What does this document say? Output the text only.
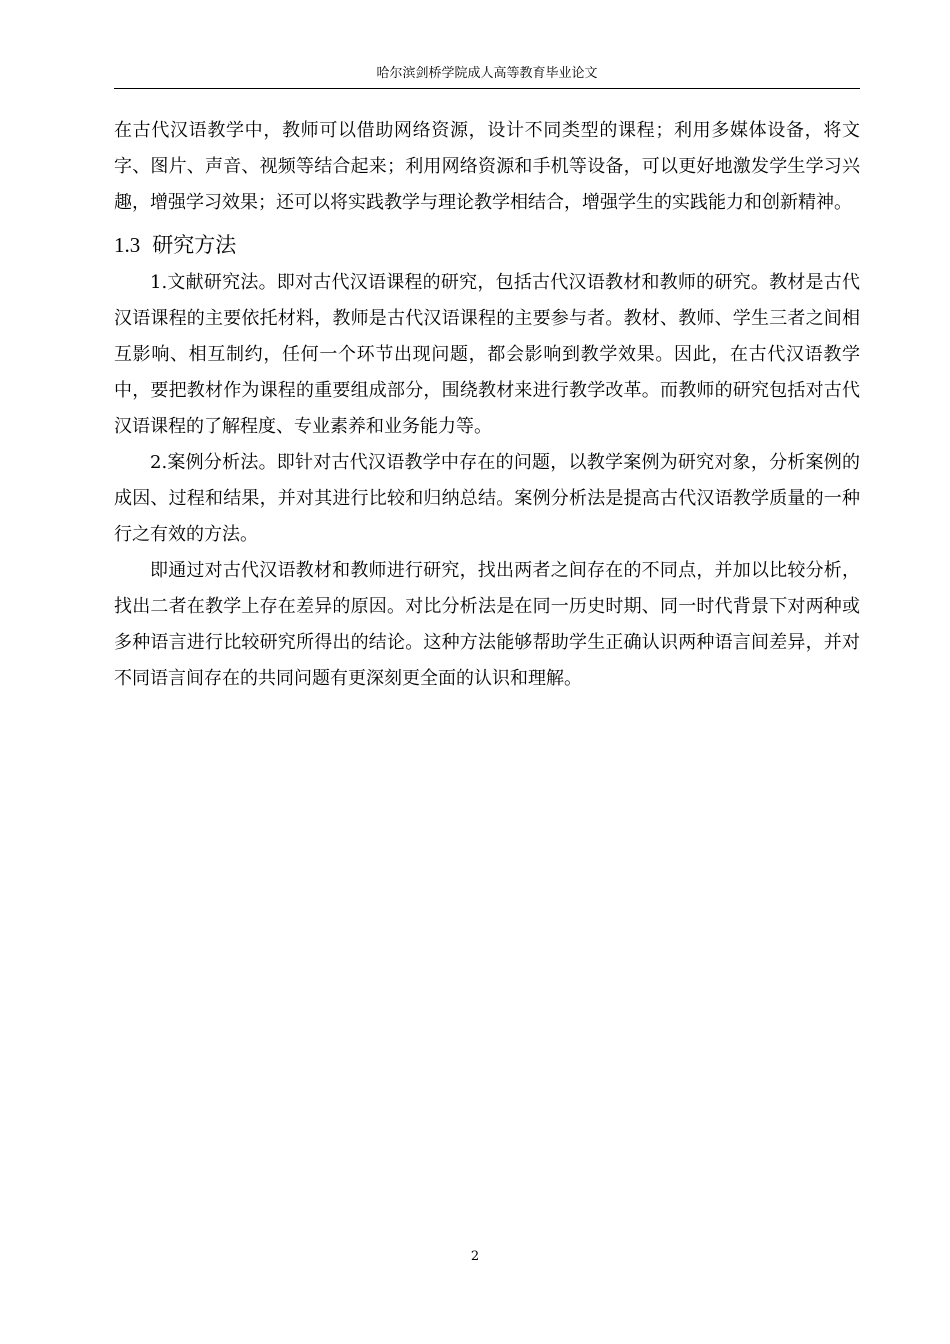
哈尔滨剑桥学院成人高等教育毕业论文

在古代汉语教学中，教师可以借助网络资源，设计不同类型的课程；利用多媒体设备，将文字、图片、声音、视频等结合起来；利用网络资源和手机等设备，可以更好地激发学生学习兴趣，增强学习效果；还可以将实践教学与理论教学相结合，增强学生的实践能力和创新精神。

1.3 研究方法

1.文献研究法。即对古代汉语课程的研究，包括古代汉语教材和教师的研究。教材是古代汉语课程的主要依托材料，教师是古代汉语课程的主要参与者。教材、教师、学生三者之间相互影响、相互制约，任何一个环节出现问题，都会影响到教学效果。因此，在古代汉语教学中，要把教材作为课程的重要组成部分，围绕教材来进行教学改革。而教师的研究包括对古代汉语课程的了解程度、专业素养和业务能力等。

2.案例分析法。即针对古代汉语教学中存在的问题，以教学案例为研究对象，分析案例的成因、过程和结果，并对其进行比较和归纳总结。案例分析法是提高古代汉语教学质量的一种行之有效的方法。

即通过对古代汉语教材和教师进行研究，找出两者之间存在的不同点，并加以比较分析，找出二者在教学上存在差异的原因。对比分析法是在同一历史时期、同一时代背景下对两种或多种语言进行比较研究所得出的结论。这种方法能够帮助学生正确认识两种语言间差异，并对不同语言间存在的共同问题有更深刻更全面的认识和理解。

2
